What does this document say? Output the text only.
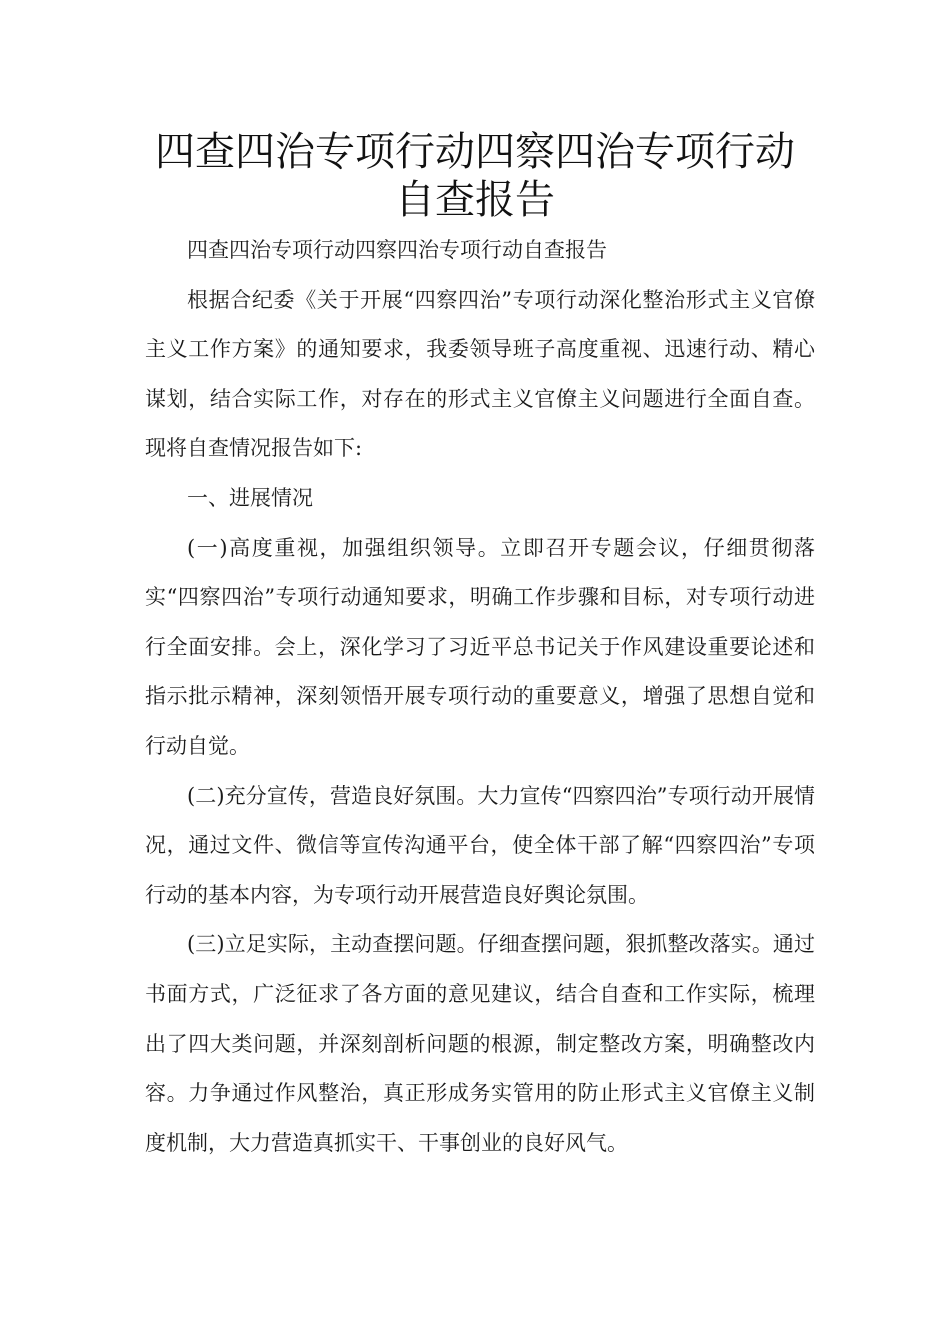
四查四治专项行动四察四治专项行动自查报告

四查四治专项行动四察四治专项行动自查报告

根据合纪委《关于开展“四察四治”专项行动深化整治形式主义官僚主义工作方案》的通知要求，我委领导班子高度重视、迅速行动、精心谋划，结合实际工作，对存在的形式主义官僚主义问题进行全面自查。现将自查情况报告如下:

一、进展情况

(一)高度重视，加强组织领导。立即召开专题会议，仔细贯彻落实“四察四治”专项行动通知要求，明确工作步骤和目标，对专项行动进行全面安排。会上，深化学习了习近平总书记关于作风建设重要论述和指示批示精神，深刻领悟开展专项行动的重要意义，增强了思想自觉和行动自觉。

(二)充分宣传，营造良好氛围。大力宣传“四察四治”专项行动开展情况，通过文件、微信等宣传沟通平台，使全体干部了解“四察四治”专项行动的基本内容，为专项行动开展营造良好舆论氛围。

(三)立足实际，主动查摆问题。仔细查摆问题，狠抓整改落实。通过书面方式，广泛征求了各方面的意见建议，结合自查和工作实际，梳理出了四大类问题，并深刻剖析问题的根源，制定整改方案，明确整改内容。力争通过作风整治，真正形成务实管用的防止形式主义官僚主义制度机制，大力营造真抓实干、干事创业的良好风气。
